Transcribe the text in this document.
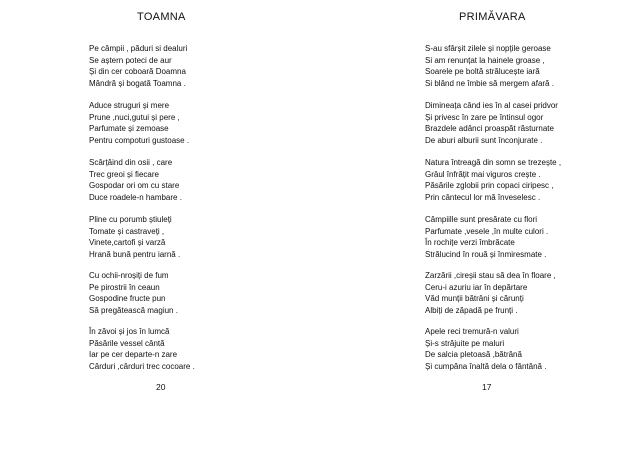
TOAMNA
Pe câmpii , păduri si dealuri
Se aștern poteci de aur
Și din cer coboară Doamna
Mândră și bogată Toamna .
Aduce struguri și mere
Prune ,nuci,gutui și pere ,
Parfumate și zemoase
Pentru compoturi gustoase .
Scârțâind din osii , care
Trec greoi și fiecare
Gospodar ori om cu stare
Duce roadele-n hambare .
Pline cu porumb știuleți
Tomate și castraveți ,
Vinete,cartofi și varză
Hrană bună pentru iarnă .
Cu ochii-nroșiți de fum
Pe pirostrii în ceaun
Gospodine fructe pun
Să pregătească magiun .
În zăvoi și jos în lumcă
Păsările vessel cântă
Iar pe cer departe-n zare
Cârduri ,cârduri trec cocoare .
20
PRIMĂVARA
S-au sfârșit zilele și nopțile geroase
Si am renunțat la hainele groase ,
Soarele pe boltă strălucește iară
Si blând ne îmbie să mergem afară .
Dimineața când ies în al casei pridvor
Și privesc în zare pe întinsul ogor
Brazdele adânci proaspăt răsturnate
De aburi alburii sunt înconjurate .
Natura întreagă din somn se trezește ,
Grâul înfrățit mai viguros crește .
Păsările zglobii prin copaci ciripesc ,
Prin cântecul lor mă înveselesc .
Câmpiille sunt presărate cu flori
Parfumate ,vesele ,în multe culori .
În rochițe verzi îmbrăcate
Strălucind în rouă și înmiresmate .
Zarzării ,cireșii stau să dea în floare ,
Ceru-i azuriu iar în depărtare
Văd munții bătrâni și cărunți
Albiți de zăpadă pe frunți .
Apele reci tremură-n valuri
Și-s străjuite pe maluri
De salcia pletoasă ,bătrână
Și cumpăna înaltă dela o fântână .
17
